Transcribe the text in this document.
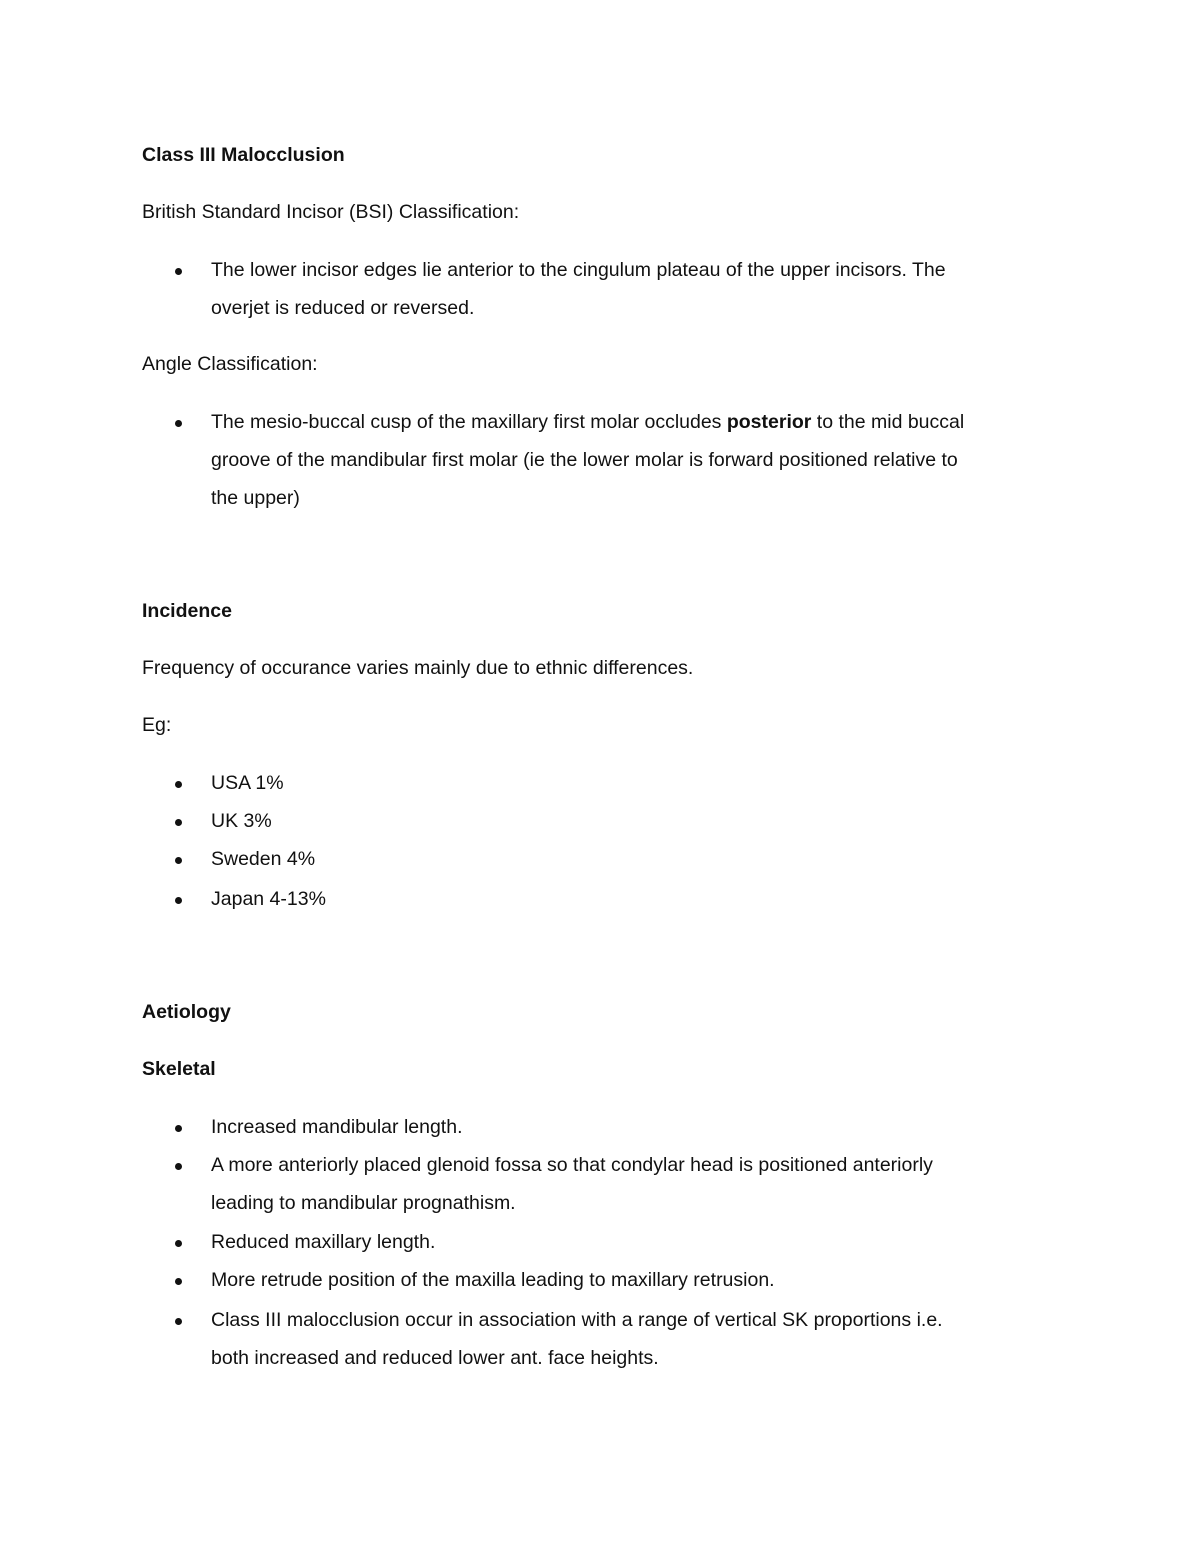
Class III Malocclusion
British Standard Incisor (BSI) Classification:
The lower incisor edges lie anterior to the cingulum plateau of the upper incisors. The
overjet is reduced or reversed.
Angle Classification:
The mesio-buccal cusp of the maxillary first molar occludes posterior to the mid buccal
groove of the mandibular first molar (ie the lower molar is forward positioned relative to
the upper)
Incidence
Frequency of occurance varies mainly due to ethnic differences.
Eg:
USA 1%
UK 3%
Sweden 4%
Japan 4-13%
Aetiology
Skeletal
Increased mandibular length.
A more anteriorly placed glenoid fossa so that condylar head is positioned anteriorly
leading to mandibular prognathism.
Reduced maxillary length.
More retrude position of the maxilla leading to maxillary retrusion.
Class III malocclusion occur in association with a range of vertical SK proportions i.e.
both increased and reduced lower ant. face heights.
